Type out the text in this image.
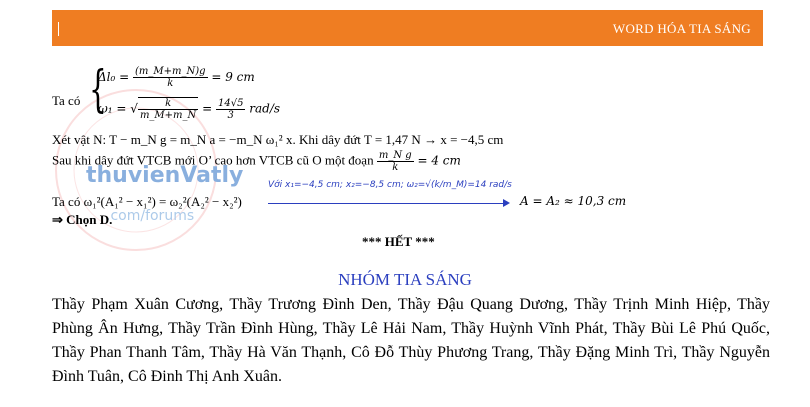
WORD HÓA TIA SÁNG
thuvienVatly
.com/forums
Ta có {
$\Delta l_0 = \frac{(m\_M+m\_N)g}{k} = 9$ cm
ω₁ = √ $\frac{k}{m\_M+m\_N} = \frac{14√5}{3} rad/s$
Xét vật N: T − m_N g = m_N a = −m_N ω₁² x. Khi dây đứt T = 1,47 N → x = −4,5 cm
Sau khi dây đứt VTCB mới O’ cao hơn VTCB cũ O một đoạn $\frac{\text{m\_N g}}{k} = 4$ cm
Với x₁=−4,5 cm; x₂=−8,5 cm; ω₂=√(k/m_M)=14 rad/s
Ta có ω₁²(A₁² − x₁²) = ω₂²(A₂² − x₂²)	A = A₂ ≈ 10,3 cm
⇒ Chọn D.
*** HẾT ***
NHÓM TIA SÁNG
Thầy Phạm Xuân Cương, Thầy Trương Đình Den, Thầy Đậu Quang Dương, Thầy Trịnh Minh Hiệp, Thầy Phùng Ân Hưng, Thầy Trần Đình Hùng, Thầy Lê Hải Nam, Thầy Huỳnh Vĩnh Phát, Thầy Bùi Lê Phú Quốc, Thầy Phan Thanh Tâm, Thầy Hà Văn Thạnh, Cô Đỗ Thùy Phương Trang, Thầy Đặng Minh Trì, Thầy Nguyễn Đình Tuân, Cô Đinh Thị Anh Xuân.
